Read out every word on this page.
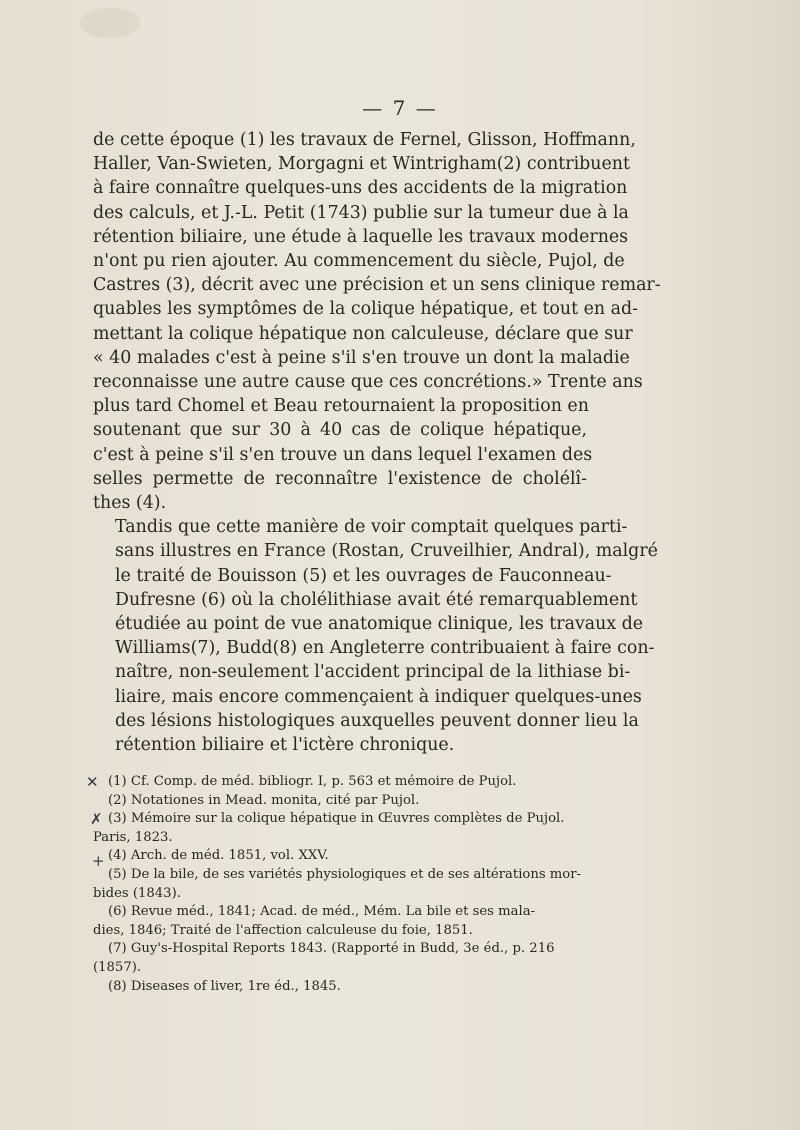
— 7 —

de cette époque (1) les travaux de Fernel, Glisson, Hoffmann,
Haller, Van-Swieten, Morgagni et Wintrigham(2) contribuent
à faire connaître quelques-uns des accidents de la migration
des calculs, et J.-L. Petit (1743) publie sur la tumeur due à la
rétention biliaire, une étude à laquelle les travaux modernes
n'ont pu rien ajouter. Au commencement du siècle, Pujol, de
Castres (3), décrit avec une précision et un sens clinique remar-
quables les symptômes de la colique hépatique, et tout en ad-
mettant la colique hépatique non calculeuse, déclare que sur
« 40 malades c'est à peine s'il s'en trouve un dont la maladie
reconnaisse une autre cause que ces concrétions.» Trente ans
plus tard Chomel et Beau retournaient la proposition en
soutenant que sur 30 à 40 cas de colique hépatique,
c'est à peine s'il s'en trouve un dans lequel l'examen des
selles permette de reconnaître l'existence de cholélî-
thes (4).

Tandis que cette manière de voir comptait quelques parti-
sans illustres en France (Rostan, Cruveilhier, Andral), malgré
le traité de Bouisson (5) et les ouvrages de Fauconneau-
Dufresne (6) où la cholélithiase avait été remarquablement
étudiée au point de vue anatomique clinique, les travaux de
Williams(7), Budd(8) en Angleterre contribuaient à faire con-
naître, non-seulement l'accident principal de la lithiase bi-
liaire, mais encore commençaient à indiquer quelques-unes
des lésions histologiques auxquelles peuvent donner lieu la
rétention biliaire et l'ictère chronique.

(1) Cf. Comp. de méd. bibliogr. I, p. 563 et mémoire de Pujol.
(2) Notationes in Mead. monita, cité par Pujol.
(3) Mémoire sur la colique hépatique in Œuvres complètes de Pujol.
Paris, 1823.
(4) Arch. de méd. 1851, vol. XXV.
(5) De la bile, de ses variétés physiologiques et de ses altérations mor-
bides (1843).
(6) Revue méd., 1841; Acad. de méd., Mém. La bile et ses mala-
dies, 1846; Traité de l'affection calculeuse du foie, 1851.
(7) Guy's-Hospital Reports 1843. (Rapporté in Budd, 3e éd., p. 216
(1857).
(8) Diseases of liver, 1re éd., 1845.
✕
✗
+
